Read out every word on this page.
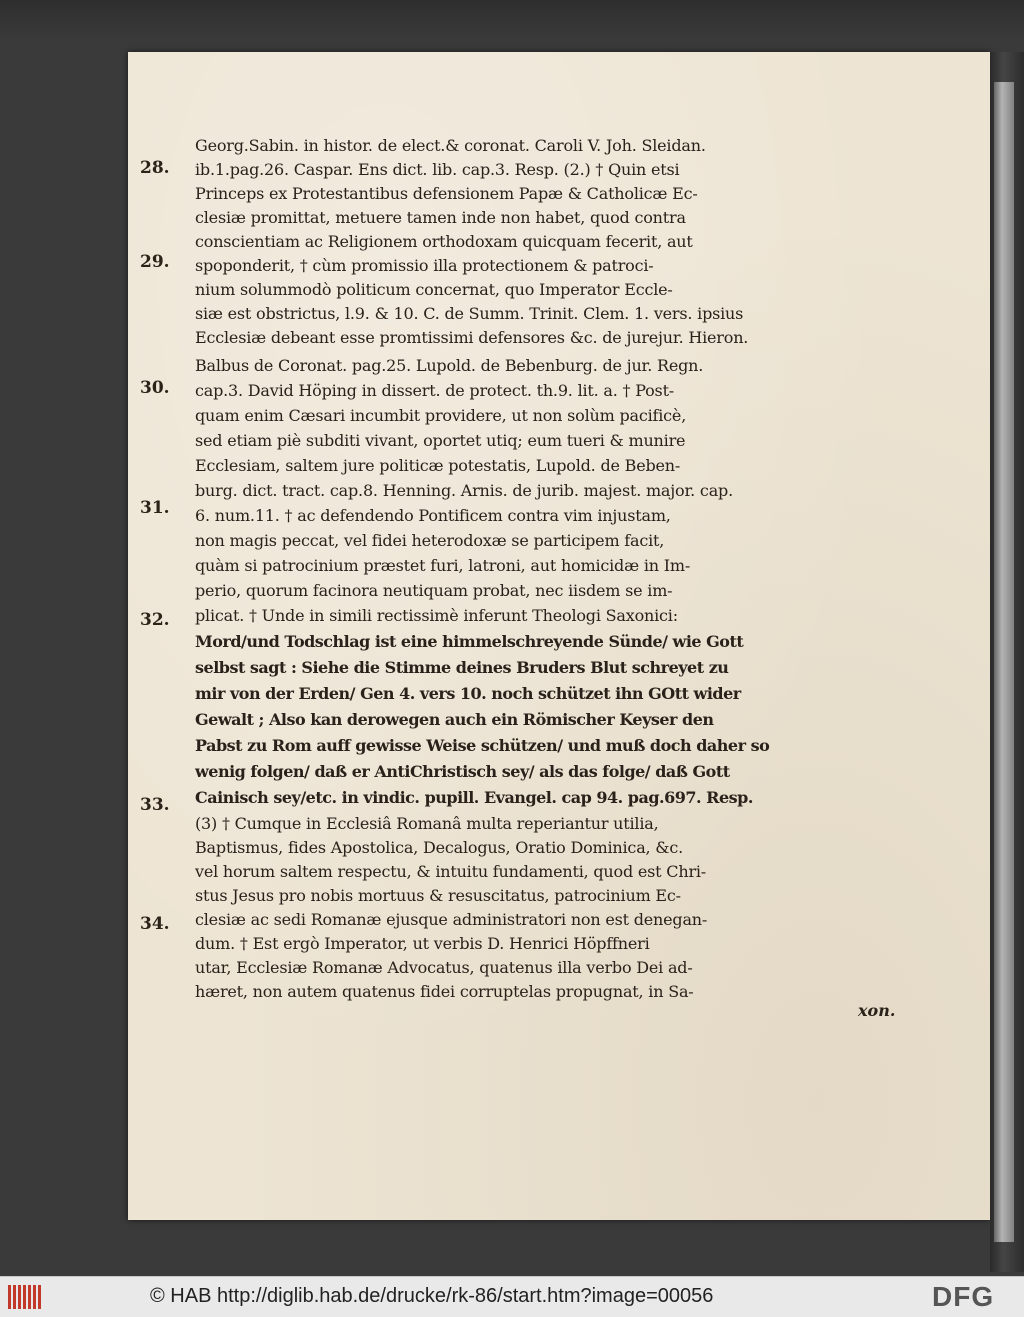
28.
29.
30.
31.
32.
33.
34.
Georg.Sabin. in histor. de elect.& coronat. Caroli V. Joh. Sleidan.
ib.1.pag.26. Caspar. Ens dict. lib. cap.3. Resp. (2.) † Quin etsi
Princeps ex Protestantibus defensionem Papæ & Catholicæ Ec-
clesiæ promittat, metuere tamen inde non habet, quod contra
conscientiam ac Religionem orthodoxam quicquam fecerit, aut
spoponderit, † cùm promissio illa protectionem & patroci-
nium solummodò politicum concernat, quo Imperator Eccle-
siæ est obstrictus, l.9. & 10. C. de Summ. Trinit. Clem. 1. vers. ipsius
Ecclesiæ debeant esse promtissimi defensores &c. de jurejur. Hieron.
Balbus de Coronat. pag.25. Lupold. de Bebenburg. de jur. Regn.
cap.3. David Höping in dissert. de protect. th.9. lit. a. † Post-
quam enim Cæsari incumbit providere, ut non solùm pacificè,
sed etiam piè subditi vivant, oportet utiq; eum tueri & munire
Ecclesiam, saltem jure politicæ potestatis, Lupold. de Beben-
burg. dict. tract. cap.8. Henning. Arnis. de jurib. majest. major. cap.
6. num.11. † ac defendendo Pontificem contra vim injustam,
non magis peccat, vel fidei heterodoxæ se participem facit,
quàm si patrocinium præstet furi, latroni, aut homicidæ in Im-
perio, quorum facinora neutiquam probat, nec iisdem se im-
plicat. † Unde in simili rectissimè inferunt Theologi Saxonici:
Mord/und Todschlag ist eine himmelschreyende Sünde/ wie Gott
selbst sagt : Siehe die Stimme deines Bruders Blut schreyet zu
mir von der Erden/ Gen 4. vers 10. noch schützet ihn GOtt wider
Gewalt ; Also kan derowegen auch ein Römischer Keyser den
Pabst zu Rom auff gewisse Weise schützen/ und muß doch daher so
wenig folgen/ daß er AntiChristisch sey/ als das folge/ daß Gott
Cainisch sey/etc. in vindic. pupill. Evangel. cap 94. pag.697. Resp.
(3) † Cumque in Ecclesiâ Romanâ multa reperiantur utilia,
Baptismus, fides Apostolica, Decalogus, Oratio Dominica, &c.
vel horum saltem respectu, & intuitu fundamenti, quod est Chri-
stus Jesus pro nobis mortuus & resuscitatus, patrocinium Ec-
clesiæ ac sedi Romanæ ejusque administratori non est denegan-
dum. † Est ergò Imperator, ut verbis D. Henrici Höpffneri
utar, Ecclesiæ Romanæ Advocatus, quatenus illa verbo Dei ad-
hæret, non autem quatenus fidei corruptelas propugnat, in Sa-
xon.
© HAB http://diglib.hab.de/drucke/rk-86/start.htm?image=00056	DFG
